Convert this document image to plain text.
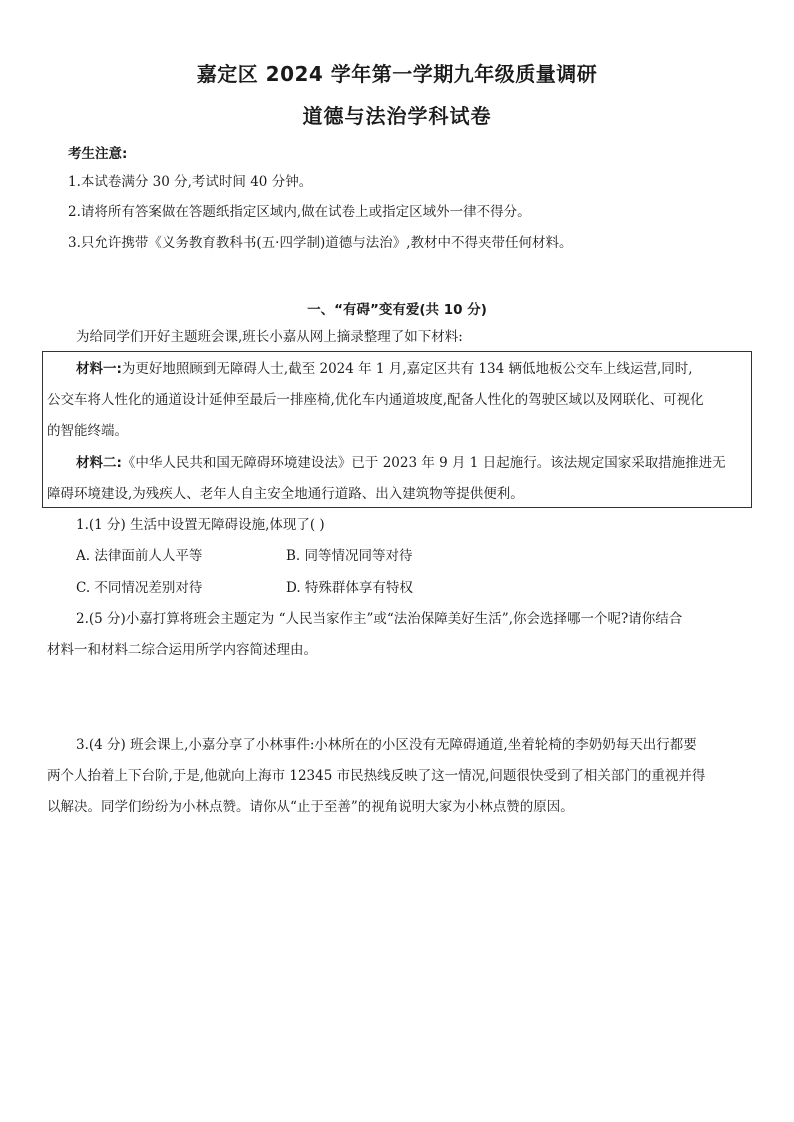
嘉定区 2024 学年第一学期九年级质量调研
道德与法治学科试卷
考生注意:
1.本试卷满分 30 分,考试时间 40 分钟。
2.请将所有答案做在答题纸指定区域内,做在试卷上或指定区域外一律不得分。
3.只允许携带《义务教育教科书(五·四学制)道德与法治》,教材中不得夹带任何材料。
一、“有碍”变有爱(共 10 分)
为给同学们开好主题班会课,班长小嘉从网上摘录整理了如下材料:
材料一:为更好地照顾到无障碍人士,截至 2024 年 1 月,嘉定区共有 134 辆低地板公交车上线运营,同时,
公交车将人性化的通道设计延伸至最后一排座椅,优化车内通道坡度,配备人性化的驾驶区域以及网联化、可视化
的智能终端。
材料二:《中华人民共和国无障碍环境建设法》已于 2023 年 9 月 1 日起施行。该法规定国家采取措施推进无
障碍环境建设,为残疾人、老年人自主安全地通行道路、出入建筑物等提供便利。
1.(1 分) 生活中设置无障碍设施,体现了( )
A. 法律面前人人平等	B. 同等情况同等对待
C. 不同情况差别对待	D. 特殊群体享有特权
2.(5 分)小嘉打算将班会主题定为 “人民当家作主”或“法治保障美好生活”,你会选择哪一个呢?请你结合
材料一和材料二综合运用所学内容简述理由。
3.(4 分) 班会课上,小嘉分享了小林事件:小林所在的小区没有无障碍通道,坐着轮椅的李奶奶每天出行都要
两个人抬着上下台阶,于是,他就向上海市 12345 市民热线反映了这一情况,问题很快受到了相关部门的重视并得
以解决。同学们纷纷为小林点赞。请你从“止于至善”的视角说明大家为小林点赞的原因。
